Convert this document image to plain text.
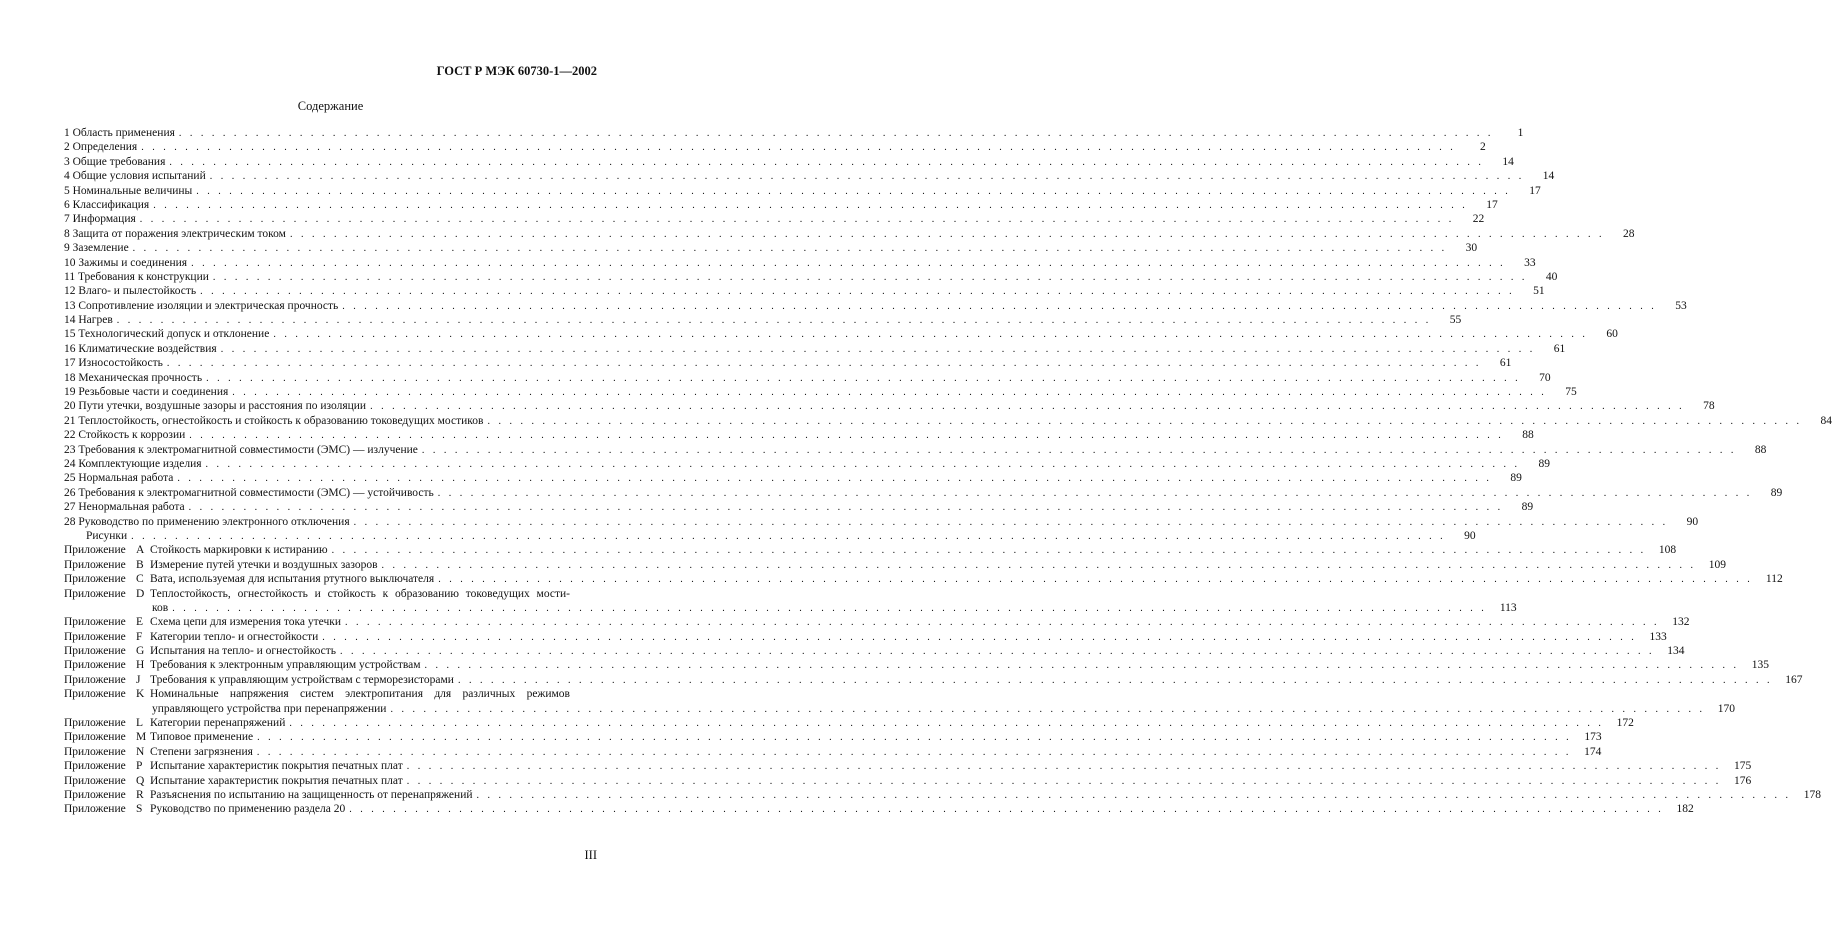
ГОСТ Р МЭК 60730-1—2002
Содержание
1 Область применения . . . . . . . . . . . . . . . . . . . . . . . . . . . . . . . . . . . . . . . . . . . . . . . . . . . . . . . . . . . . . . . . . . . . . . . . . . . . . . . . . . . . . . . . . . . . . . . . . . . . . . . . . . . . . . . . . . . . . . . .	1
2 Определения . . . . . . . . . . . . . . . . . . . . . . . . . . . . . . . . . . . . . . . . . . . . . . . . . . . . . . . . . . . . . . . . . . . . . . . . . . . . . . . . . . . . . . . . . . . . . . . . . . . . . . . . . . . . . . . . . . . . . . . .	2
3 Общие требования . . . . . . . . . . . . . . . . . . . . . . . . . . . . . . . . . . . . . . . . . . . . . . . . . . . . . . . . . . . . . . . . . . . . . . . . . . . . . . . . . . . . . . . . . . . . . . . . . . . . . . . . . . . . . . . . . . . . . . . .	14
4 Общие условия испытаний . . . . . . . . . . . . . . . . . . . . . . . . . . . . . . . . . . . . . . . . . . . . . . . . . . . . . . . . . . . . . . . . . . . . . . . . . . . . . . . . . . . . . . . . . . . . . . . . . . . . . . . . . . . . . . . . . . . . . . . .	14
5 Номинальные величины . . . . . . . . . . . . . . . . . . . . . . . . . . . . . . . . . . . . . . . . . . . . . . . . . . . . . . . . . . . . . . . . . . . . . . . . . . . . . . . . . . . . . . . . . . . . . . . . . . . . . . . . . . . . . . . . . . . . . . . .	17
6 Классификация . . . . . . . . . . . . . . . . . . . . . . . . . . . . . . . . . . . . . . . . . . . . . . . . . . . . . . . . . . . . . . . . . . . . . . . . . . . . . . . . . . . . . . . . . . . . . . . . . . . . . . . . . . . . . . . . . . . . . . . .	17
7 Информация . . . . . . . . . . . . . . . . . . . . . . . . . . . . . . . . . . . . . . . . . . . . . . . . . . . . . . . . . . . . . . . . . . . . . . . . . . . . . . . . . . . . . . . . . . . . . . . . . . . . . . . . . . . . . . . . . . . . . . . .	22
8 Защита от поражения электрическим током . . . . . . . . . . . . . . . . . . . . . . . . . . . . . . . . . . . . . . . . . . . . . . . . . . . . . . . . . . . . . . . . . . . . . . . . . . . . . . . . . . . . . . . . . . . . . . . . . . . . . . . . . . . . . . . . . . . . . . . .	28
9 Заземление . . . . . . . . . . . . . . . . . . . . . . . . . . . . . . . . . . . . . . . . . . . . . . . . . . . . . . . . . . . . . . . . . . . . . . . . . . . . . . . . . . . . . . . . . . . . . . . . . . . . . . . . . . . . . . . . . . . . . . . .	30
10 Зажимы и соединения . . . . . . . . . . . . . . . . . . . . . . . . . . . . . . . . . . . . . . . . . . . . . . . . . . . . . . . . . . . . . . . . . . . . . . . . . . . . . . . . . . . . . . . . . . . . . . . . . . . . . . . . . . . . . . . . . . . . . . . .	33
11 Требования к конструкции . . . . . . . . . . . . . . . . . . . . . . . . . . . . . . . . . . . . . . . . . . . . . . . . . . . . . . . . . . . . . . . . . . . . . . . . . . . . . . . . . . . . . . . . . . . . . . . . . . . . . . . . . . . . . . . . . . . . . . . .	40
12 Влаго- и пылестойкость . . . . . . . . . . . . . . . . . . . . . . . . . . . . . . . . . . . . . . . . . . . . . . . . . . . . . . . . . . . . . . . . . . . . . . . . . . . . . . . . . . . . . . . . . . . . . . . . . . . . . . . . . . . . . . . . . . . . . . . .	51
13 Сопротивление изоляции и электрическая прочность . . . . . . . . . . . . . . . . . . . . . . . . . . . . . . . . . . . . . . . . . . . . . . . . . . . . . . . . . . . . . . . . . . . . . . . . . . . . . . . . . . . . . . . . . . . . . . . . . . . . . . . . . . . . . . . . . . . . . . . .	53
14 Нагрев . . . . . . . . . . . . . . . . . . . . . . . . . . . . . . . . . . . . . . . . . . . . . . . . . . . . . . . . . . . . . . . . . . . . . . . . . . . . . . . . . . . . . . . . . . . . . . . . . . . . . . . . . . . . . . . . . . . . . . . .	55
15 Технологический допуск и отклонение . . . . . . . . . . . . . . . . . . . . . . . . . . . . . . . . . . . . . . . . . . . . . . . . . . . . . . . . . . . . . . . . . . . . . . . . . . . . . . . . . . . . . . . . . . . . . . . . . . . . . . . . . . . . . . . . . . . . . . . .	60
16 Климатические воздействия . . . . . . . . . . . . . . . . . . . . . . . . . . . . . . . . . . . . . . . . . . . . . . . . . . . . . . . . . . . . . . . . . . . . . . . . . . . . . . . . . . . . . . . . . . . . . . . . . . . . . . . . . . . . . . . . . . . . . . . .	61
17 Износостойкость . . . . . . . . . . . . . . . . . . . . . . . . . . . . . . . . . . . . . . . . . . . . . . . . . . . . . . . . . . . . . . . . . . . . . . . . . . . . . . . . . . . . . . . . . . . . . . . . . . . . . . . . . . . . . . . . . . . . . . . .	61
18 Механическая прочность . . . . . . . . . . . . . . . . . . . . . . . . . . . . . . . . . . . . . . . . . . . . . . . . . . . . . . . . . . . . . . . . . . . . . . . . . . . . . . . . . . . . . . . . . . . . . . . . . . . . . . . . . . . . . . . . . . . . . . . .	70
19 Резьбовые части и соединения . . . . . . . . . . . . . . . . . . . . . . . . . . . . . . . . . . . . . . . . . . . . . . . . . . . . . . . . . . . . . . . . . . . . . . . . . . . . . . . . . . . . . . . . . . . . . . . . . . . . . . . . . . . . . . . . . . . . . . . .	75
20 Пути утечки, воздушные зазоры и расстояния по изоляции . . . . . . . . . . . . . . . . . . . . . . . . . . . . . . . . . . . . . . . . . . . . . . . . . . . . . . . . . . . . . . . . . . . . . . . . . . . . . . . . . . . . . . . . . . . . . . . . . . . . . . . . . . . . . . . . . . . . . . . .	78
21 Теплостойкость, огнестойкость и стойкость к образованию токоведущих мостиков . . . . . . . . . . . . . . . . . . . . . . . . . . . . . . . . . . . . . . . . . . . . . . . . . . . . . . . . . . . . . . . . . . . . . . . . . . . . . . . . . . . . . . . . . . . . . . . . . . . . . . . . . . . . . . . . . . . . . . . .	84
22 Стойкость к коррозии . . . . . . . . . . . . . . . . . . . . . . . . . . . . . . . . . . . . . . . . . . . . . . . . . . . . . . . . . . . . . . . . . . . . . . . . . . . . . . . . . . . . . . . . . . . . . . . . . . . . . . . . . . . . . . . . . . . . . . . .	88
23 Требования к электромагнитной совместимости (ЭМС) — излучение . . . . . . . . . . . . . . . . . . . . . . . . . . . . . . . . . . . . . . . . . . . . . . . . . . . . . . . . . . . . . . . . . . . . . . . . . . . . . . . . . . . . . . . . . . . . . . . . . . . . . . . . . . . . . . . . . . . . . . . .	88
24 Комплектующие изделия . . . . . . . . . . . . . . . . . . . . . . . . . . . . . . . . . . . . . . . . . . . . . . . . . . . . . . . . . . . . . . . . . . . . . . . . . . . . . . . . . . . . . . . . . . . . . . . . . . . . . . . . . . . . . . . . . . . . . . . .	89
25 Нормальная работа . . . . . . . . . . . . . . . . . . . . . . . . . . . . . . . . . . . . . . . . . . . . . . . . . . . . . . . . . . . . . . . . . . . . . . . . . . . . . . . . . . . . . . . . . . . . . . . . . . . . . . . . . . . . . . . . . . . . . . . .	89
26 Требования к электромагнитной совместимости (ЭМС) — устойчивость . . . . . . . . . . . . . . . . . . . . . . . . . . . . . . . . . . . . . . . . . . . . . . . . . . . . . . . . . . . . . . . . . . . . . . . . . . . . . . . . . . . . . . . . . . . . . . . . . . . . . . . . . . . . . . . . . . . . . . . .	89
27 Ненормальная работа . . . . . . . . . . . . . . . . . . . . . . . . . . . . . . . . . . . . . . . . . . . . . . . . . . . . . . . . . . . . . . . . . . . . . . . . . . . . . . . . . . . . . . . . . . . . . . . . . . . . . . . . . . . . . . . . . . . . . . . .	89
28 Руководство по применению электронного отключения . . . . . . . . . . . . . . . . . . . . . . . . . . . . . . . . . . . . . . . . . . . . . . . . . . . . . . . . . . . . . . . . . . . . . . . . . . . . . . . . . . . . . . . . . . . . . . . . . . . . . . . . . . . . . . . . . . . . . . . .	90
Рисунки . . . . . . . . . . . . . . . . . . . . . . . . . . . . . . . . . . . . . . . . . . . . . . . . . . . . . . . . . . . . . . . . . . . . . . . . . . . . . . . . . . . . . . . . . . . . . . . . . . . . . . . . . . . . . . . . . . . . . . . .	90
Приложение A Стойкость маркировки к истиранию . . . . . . . . . . . . . . . . . . . . . . . . . . . . . . . . . . . . . . . . . . . . . . . . . . . . . . . . . . . . . . . . . . . . . . . . . . . . . . . . . . . . . . . . . . . . . . . . . . . . . . . . . . . . . . . . . . . . . . . .	108
Приложение B Измерение путей утечки и воздушных зазоров . . . . . . . . . . . . . . . . . . . . . . . . . . . . . . . . . . . . . . . . . . . . . . . . . . . . . . . . . . . . . . . . . . . . . . . . . . . . . . . . . . . . . . . . . . . . . . . . . . . . . . . . . . . . . . . . . . . . . . . .	109
Приложение C Вата, используемая для испытания ртутного выключателя . . . . . . . . . . . . . . . . . . . . . . . . . . . . . . . . . . . . . . . . . . . . . . . . . . . . . . . . . . . . . . . . . . . . . . . . . . . . . . . . . . . . . . . . . . . . . . . . . . . . . . . . . . . . . . . . . . . . . . . .	112
Приложение D Теплостойкость, огнестойкость и стойкость к образованию токоведущих мости-
ков . . . . . . . . . . . . . . . . . . . . . . . . . . . . . . . . . . . . . . . . . . . . . . . . . . . . . . . . . . . . . . . . . . . . . . . . . . . . . . . . . . . . . . . . . . . . . . . . . . . . . . . . . . . . . . . . . . . . . . . .	113
Приложение E Схема цепи для измерения тока утечки . . . . . . . . . . . . . . . . . . . . . . . . . . . . . . . . . . . . . . . . . . . . . . . . . . . . . . . . . . . . . . . . . . . . . . . . . . . . . . . . . . . . . . . . . . . . . . . . . . . . . . . . . . . . . . . . . . . . . . . .	132
Приложение F Категории тепло- и огнестойкости . . . . . . . . . . . . . . . . . . . . . . . . . . . . . . . . . . . . . . . . . . . . . . . . . . . . . . . . . . . . . . . . . . . . . . . . . . . . . . . . . . . . . . . . . . . . . . . . . . . . . . . . . . . . . . . . . . . . . . . .	133
Приложение G Испытания на тепло- и огнестойкость . . . . . . . . . . . . . . . . . . . . . . . . . . . . . . . . . . . . . . . . . . . . . . . . . . . . . . . . . . . . . . . . . . . . . . . . . . . . . . . . . . . . . . . . . . . . . . . . . . . . . . . . . . . . . . . . . . . . . . . .	134
Приложение H Требования к электронным управляющим устройствам . . . . . . . . . . . . . . . . . . . . . . . . . . . . . . . . . . . . . . . . . . . . . . . . . . . . . . . . . . . . . . . . . . . . . . . . . . . . . . . . . . . . . . . . . . . . . . . . . . . . . . . . . . . . . . . . . . . . . . . .	135
Приложение J Требования к управляющим устройствам с терморезисторами . . . . . . . . . . . . . . . . . . . . . . . . . . . . . . . . . . . . . . . . . . . . . . . . . . . . . . . . . . . . . . . . . . . . . . . . . . . . . . . . . . . . . . . . . . . . . . . . . . . . . . . . . . . . . . . . . . . . . . . .	167
Приложение K Номинальные напряжения систем электропитания для различных режимов
управляющего устройства при перенапряжении . . . . . . . . . . . . . . . . . . . . . . . . . . . . . . . . . . . . . . . . . . . . . . . . . . . . . . . . . . . . . . . . . . . . . . . . . . . . . . . . . . . . . . . . . . . . . . . . . . . . . . . . . . . . . . . . . . . . . . . .	170
Приложение L Категории перенапряжений . . . . . . . . . . . . . . . . . . . . . . . . . . . . . . . . . . . . . . . . . . . . . . . . . . . . . . . . . . . . . . . . . . . . . . . . . . . . . . . . . . . . . . . . . . . . . . . . . . . . . . . . . . . . . . . . . . . . . . . .	172
Приложение M Типовое применение . . . . . . . . . . . . . . . . . . . . . . . . . . . . . . . . . . . . . . . . . . . . . . . . . . . . . . . . . . . . . . . . . . . . . . . . . . . . . . . . . . . . . . . . . . . . . . . . . . . . . . . . . . . . . . . . . . . . . . . .	173
Приложение N Степени загрязнения . . . . . . . . . . . . . . . . . . . . . . . . . . . . . . . . . . . . . . . . . . . . . . . . . . . . . . . . . . . . . . . . . . . . . . . . . . . . . . . . . . . . . . . . . . . . . . . . . . . . . . . . . . . . . . . . . . . . . . . .	174
Приложение P Испытание характеристик покрытия печатных плат . . . . . . . . . . . . . . . . . . . . . . . . . . . . . . . . . . . . . . . . . . . . . . . . . . . . . . . . . . . . . . . . . . . . . . . . . . . . . . . . . . . . . . . . . . . . . . . . . . . . . . . . . . . . . . . . . . . . . . . .	175
Приложение Q Испытание характеристик покрытия печатных плат . . . . . . . . . . . . . . . . . . . . . . . . . . . . . . . . . . . . . . . . . . . . . . . . . . . . . . . . . . . . . . . . . . . . . . . . . . . . . . . . . . . . . . . . . . . . . . . . . . . . . . . . . . . . . . . . . . . . . . . .	176
Приложение R Разъяснения по испытанию на защищенность от перенапряжений . . . . . . . . . . . . . . . . . . . . . . . . . . . . . . . . . . . . . . . . . . . . . . . . . . . . . . . . . . . . . . . . . . . . . . . . . . . . . . . . . . . . . . . . . . . . . . . . . . . . . . . . . . . . . . . . . . . . . . . .	178
Приложение S Руководство по применению раздела 20 . . . . . . . . . . . . . . . . . . . . . . . . . . . . . . . . . . . . . . . . . . . . . . . . . . . . . . . . . . . . . . . . . . . . . . . . . . . . . . . . . . . . . . . . . . . . . . . . . . . . . . . . . . . . . . . . . . . . . . . .	182
III
